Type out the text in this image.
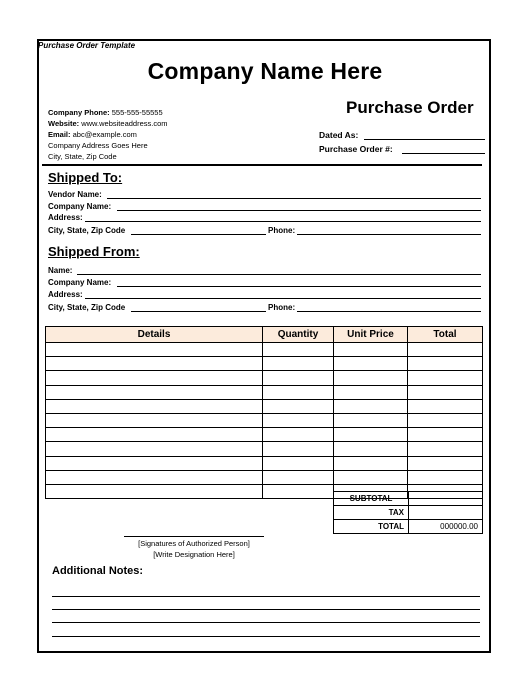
Purchase Order Template
Company Name Here
Company Phone: 555-555-55555
Website: www.websiteaddress.com
Email: abc@example.com
Company Address Goes Here
City, State, Zip Code
Purchase Order
Dated As:
Purchase Order #:
Shipped To:
Vendor Name:
Company Name:
Address:
City, State, Zip Code	Phone:
Shipped From:
Name:
Company Name:
Address:
City, State, Zip Code	Phone:
Details	Quantity	Unit Price	Total

SUBTOTAL	
TAX	
TOTAL	000000.00
[Signatures of Authorized Person]
[Write Designation Here]
Additional Notes:
